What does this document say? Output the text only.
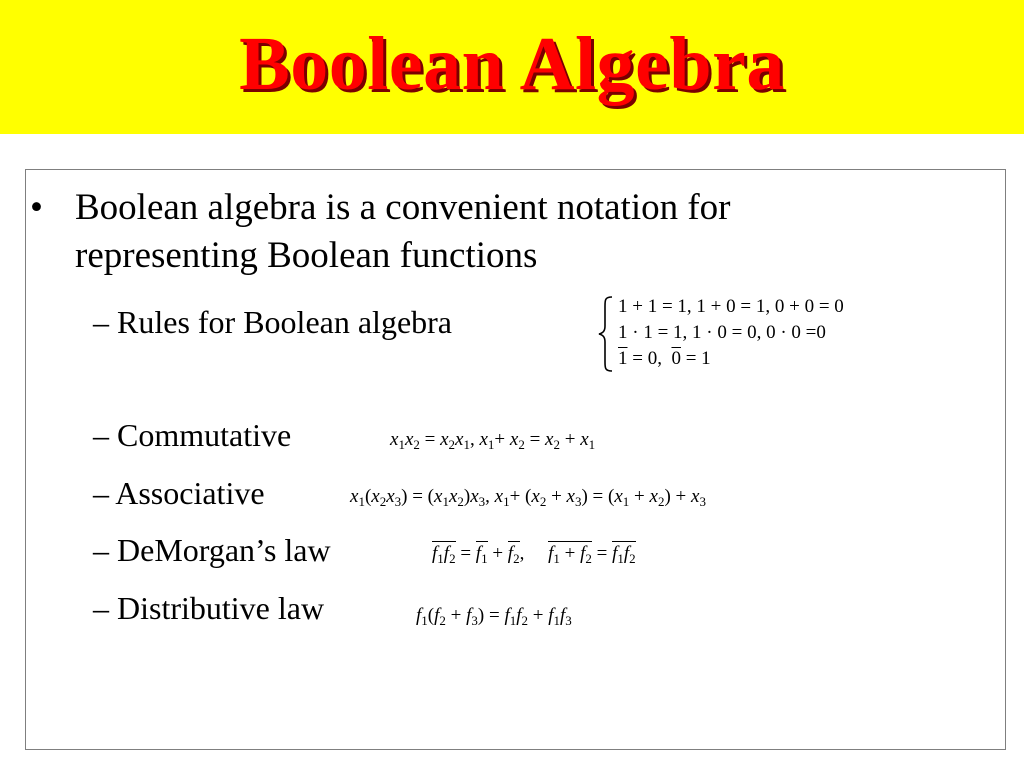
Boolean Algebra
• Boolean algebra is a convenient notation for representing Boolean functions
– Rules for Boolean algebra
– Commutative
– Associative
– DeMorgan’s law
– Distributive law
1 + 1 = 1, 1 + 0 = 1, 0 + 0 = 0
1 · 1 = 1, 1 · 0 = 0, 0 · 0 =0
1 = 0,  0 = 1
$x_1x_2 = x_2x_1$, $x_1+ x_2 = x_2 + x_1$
$x_1(x_2x_3) = (x_1x_2)x_3$, $x_1+ (x_2 + x_3) = (x_1 + x_2) + x_3$
$f_1f_2 = f_1 + f_2$,     $f_1 + f_2 = f_1f_2$
$f_1(f_2 + f_3) = f_1f_2 + f_1f_3$
